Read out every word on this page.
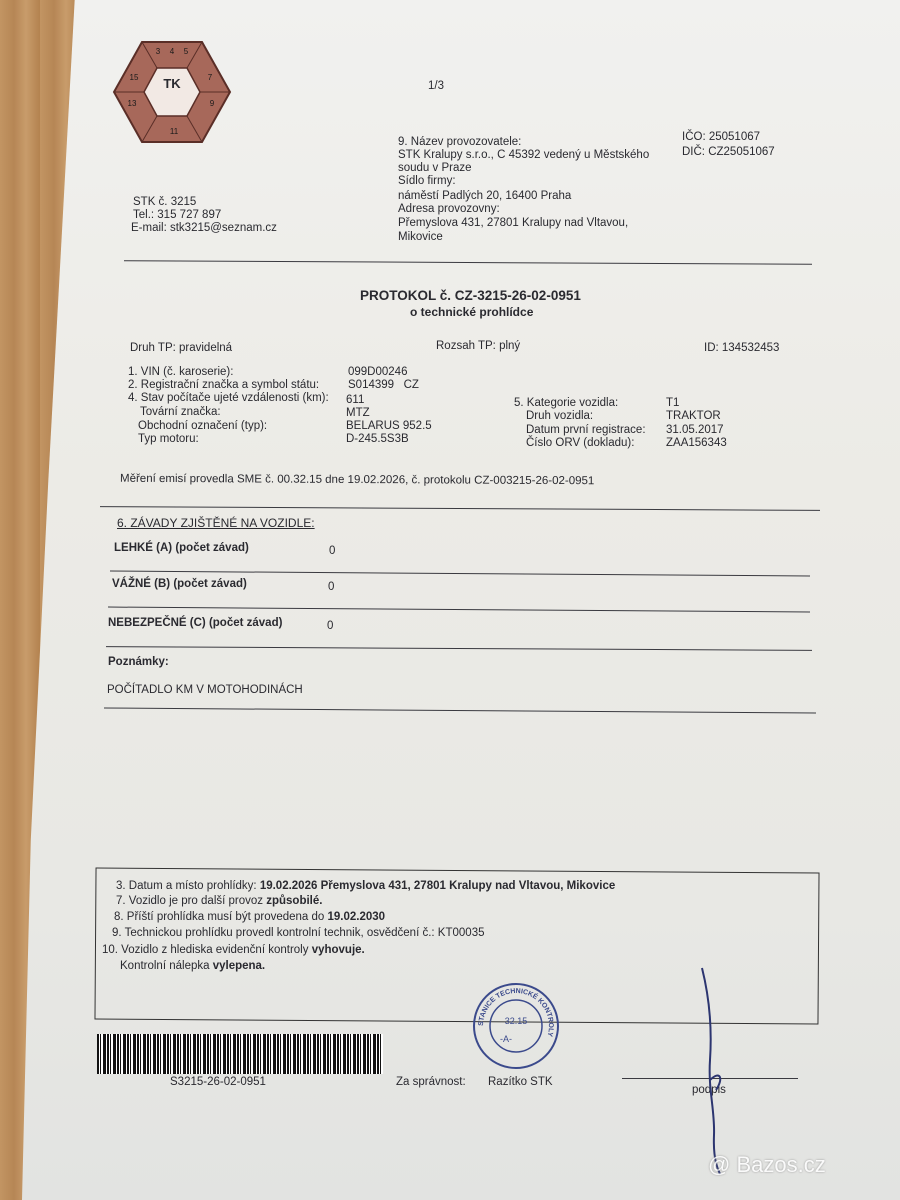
TK
4 5
3
7
9
11
13
15
1/3
STK č. 3215
Tel.: 315 727 897
E-mail: stk3215@seznam.cz
9. Název provozovatele:
STK Kralupy s.r.o., C 45392 vedený u Městského
soudu v Praze
Sídlo firmy:
náměstí Padlých 20, 16400 Praha
Adresa provozovny:
Přemyslova 431, 27801 Kralupy nad Vltavou,
Mikovice
IČO: 25051067
DIČ: CZ25051067
PROTOKOL č. CZ-3215-26-02-0951
o technické prohlídce
Druh TP: pravidelná	Rozsah TP: plný	ID: 134532453
1. VIN (č. karoserie):	099D00246
2. Registrační značka a symbol státu:	S014399   CZ
4. Stav počítače ujeté vzdálenosti (km): 611
Tovární značka:	MTZ
Obchodní označení (typ):	BELARUS 952.5
Typ motoru:	D-245.5S3B
5. Kategorie vozidla:	T1
Druh vozidla:	TRAKTOR
Datum první registrace: 31.05.2017
Číslo ORV (dokladu):	ZAA156343
Měření emisí provedla SME č. 00.32.15 dne 19.02.2026, č. protokolu CZ-003215-26-02-0951
6. ZÁVADY ZJIŠTĚNÉ NA VOZIDLE:
LEHKÉ (A) (počet závad)	0
VÁŽNÉ (B) (počet závad)	0
NEBEZPEČNÉ (C) (počet závad)	0
Poznámky:
POČÍTADLO KM V MOTOHODINÁCH
3. Datum a místo prohlídky: 19.02.2026 Přemyslova 431, 27801 Kralupy nad Vltavou, Mikovice
7. Vozidlo je pro další provoz způsobilé.
8. Příští prohlídka musí být provedena do 19.02.2030
9. Technickou prohlídku provedl kontrolní technik, osvědčení č.: KT00035
10. Vozidlo z hlediska evidenční kontroly vyhovuje.
Kontrolní nálepka vylepena.
S3215-26-02-0951	Za správnost: Razítko STK
STANICE TECHNICKÉ KONTROLY
32.15
-A-
podpis
@ Bazos.cz
